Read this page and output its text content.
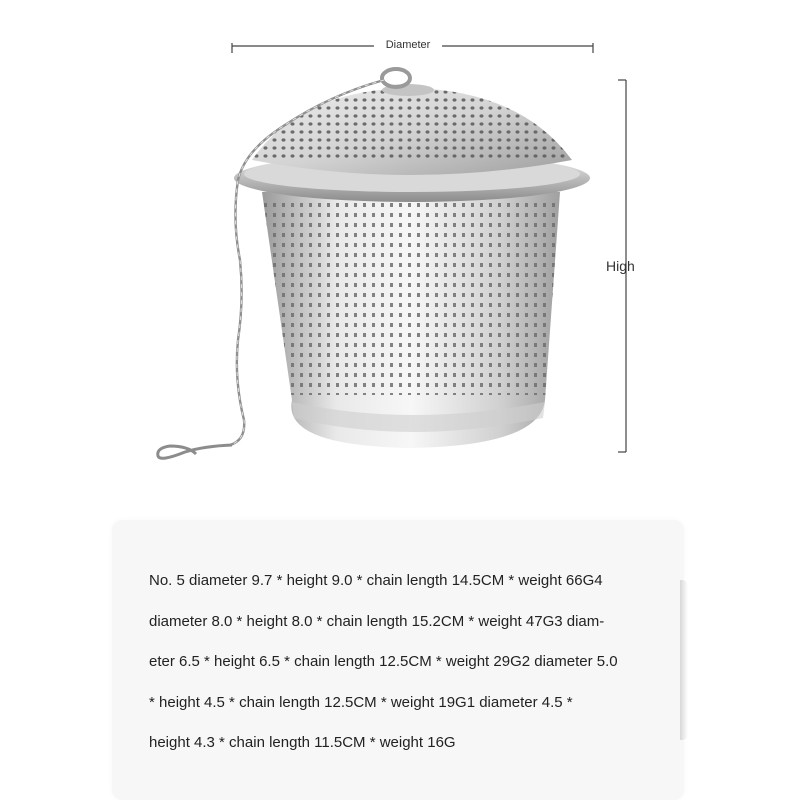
Diameter
High
No. 5 diameter 9.7 * height 9.0 * chain length 14.5CM * weight 66G4
diameter 8.0 * height 8.0 * chain length 15.2CM * weight 47G3 diam-
eter 6.5 * height 6.5 * chain length 12.5CM * weight 29G2 diameter 5.0
* height 4.5 * chain length 12.5CM * weight 19G1 diameter 4.5 *
height 4.3 * chain length 11.5CM * weight 16G
